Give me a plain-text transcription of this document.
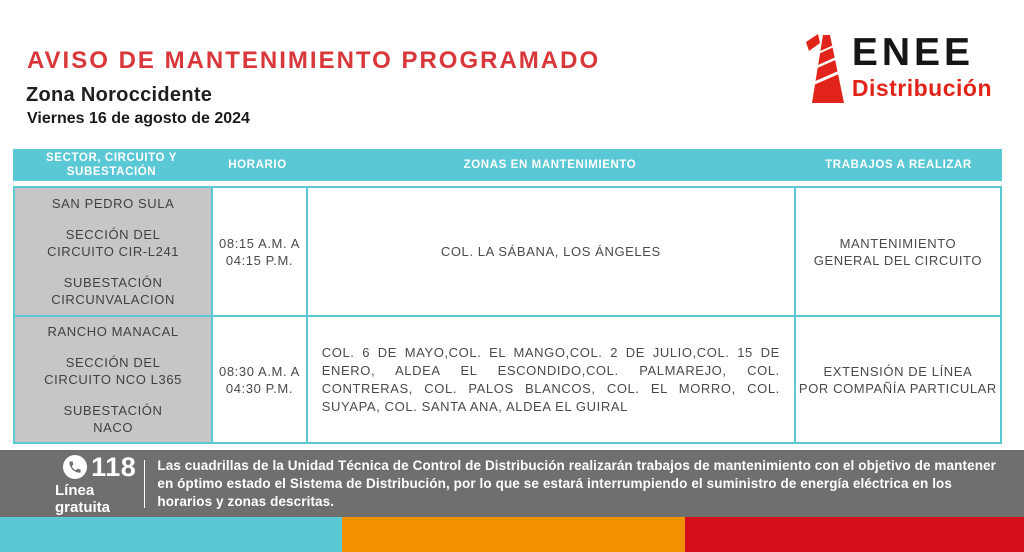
AVISO DE MANTENIMIENTO PROGRAMADO
Zona Noroccidente
Viernes 16 de agosto de 2024
ENEE
Distribución
SECTOR, CIRCUITO Y SUBESTACIÓN
HORARIO	ZONAS EN MANTENIMIENTO	TRABAJOS A REALIZAR
SAN PEDRO SULA
SECCIÓN DEL
CIRCUITO CIR-L241
SUBESTACIÓN
CIRCUNVALACION
08:15 A.M. A
04:15 P.M.
COL. LA SÁBANA, LOS ÁNGELES
MANTENIMIENTO
GENERAL DEL CIRCUITO
RANCHO MANACAL
SECCIÓN DEL
CIRCUITO NCO L365
SUBESTACIÓN
NACO
08:30 A.M. A
04:30 P.M.
COL. 6 DE MAYO,COL. EL MANGO,COL. 2 DE JULIO,COL. 15 DE ENERO, ALDEA EL ESCONDIDO,COL. PALMAREJO, COL. CONTRERAS, COL. PALOS BLANCOS, COL. EL MORRO, COL. SUYAPA, COL. SANTA ANA, ALDEA EL GUIRAL
EXTENSIÓN DE LÍNEA
POR COMPAÑÍA PARTICULAR
118
Línea gratuita
Las cuadrillas de la Unidad Técnica de Control de Distribución realizarán trabajos de mantenimiento con el objetivo de mantener en óptimo estado el Sistema de Distribución, por lo que se estará interrumpiendo el suministro de energía eléctrica en los horarios y zonas descritas.
